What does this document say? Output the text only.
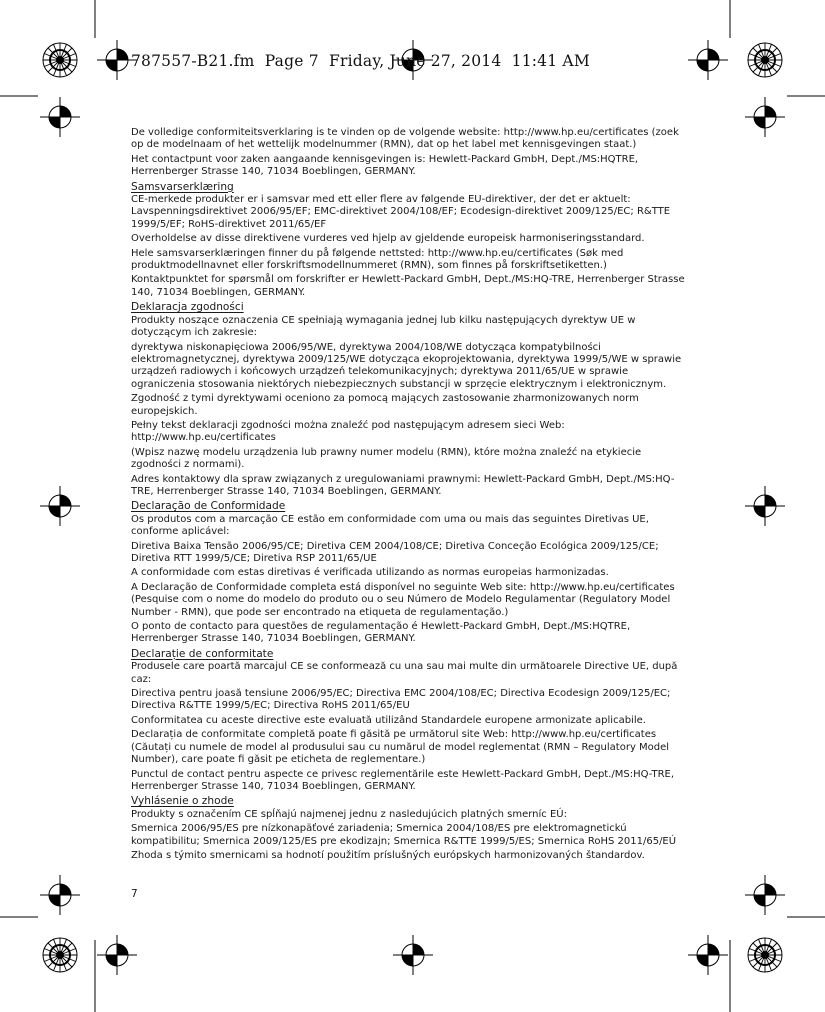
787557-B21.fm  Page 7  Friday, June 27, 2014  11:41 AM

De volledige conformiteitsverklaring is te vinden op de volgende website: http://www.hp.eu/certificates (zoek op de modelnaam of het wettelijk modelnummer (RMN), dat op het label met kennisgevingen staat.)

Het contactpunt voor zaken aangaande kennisgevingen is: Hewlett-Packard GmbH, Dept./MS:HQTRE, Herrenberger Strasse 140, 71034 Boeblingen, GERMANY.

Samsvarserklæring

CE-merkede produkter er i samsvar med ett eller flere av følgende EU-direktiver, der det er aktuelt: Lavspenningsdirektivet 2006/95/EF; EMC-direktivet 2004/108/EF; Ecodesign-direktivet 2009/125/EC; R&TTE 1999/5/EF; RoHS-direktivet 2011/65/EF

Overholdelse av disse direktivene vurderes ved hjelp av gjeldende europeisk harmoniseringsstandard.

Hele samsvarserklæringen finner du på følgende nettsted: http://www.hp.eu/certificates (Søk med produktmodellnavnet eller forskriftsmodellnummeret (RMN), som finnes på forskriftsetiketten.)

Kontaktpunktet for spørsmål om forskrifter er Hewlett-Packard GmbH, Dept./MS:HQ-TRE, Herrenberger Strasse 140, 71034 Boeblingen, GERMANY.

Deklaracja zgodności

Produkty noszące oznaczenia CE spełniają wymagania jednej lub kilku następujących dyrektyw UE w dotyczącym ich zakresie:

dyrektywa niskonapięciowa 2006/95/WE, dyrektywa 2004/108/WE dotycząca kompatybilności elektromagnetycznej, dyrektywa 2009/125/WE dotycząca ekoprojektowania, dyrektywa 1999/5/WE w sprawie urządzeń radiowych i końcowych urządzeń telekomunikacyjnych; dyrektywa 2011/65/UE w sprawie ograniczenia stosowania niektórych niebezpiecznych substancji w sprzęcie elektrycznym i elektronicznym.

Zgodność z tymi dyrektywami oceniono za pomocą mających zastosowanie zharmonizowanych norm europejskich.

Pełny tekst deklaracji zgodności można znaleźć pod następującym adresem sieci Web: http://www.hp.eu/certificates

(Wpisz nazwę modelu urządzenia lub prawny numer modelu (RMN), które można znaleźć na etykiecie zgodności z normami).

Adres kontaktowy dla spraw związanych z uregulowaniami prawnymi: Hewlett-Packard GmbH, Dept./MS:HQ-TRE, Herrenberger Strasse 140, 71034 Boeblingen, GERMANY.

Declaração de Conformidade

Os produtos com a marcação CE estão em conformidade com uma ou mais das seguintes Diretivas UE, conforme aplicável:

Diretiva Baixa Tensão 2006/95/CE; Diretiva CEM 2004/108/CE; Diretiva Conceção Ecológica 2009/125/CE; Diretiva RTT 1999/5/CE; Diretiva RSP 2011/65/UE

A conformidade com estas diretivas é verificada utilizando as normas europeias harmonizadas.

A Declaração de Conformidade completa está disponível no seguinte Web site: http://www.hp.eu/certificates (Pesquise com o nome do modelo do produto ou o seu Número de Modelo Regulamentar (Regulatory Model Number - RMN), que pode ser encontrado na etiqueta de regulamentação.)

O ponto de contacto para questões de regulamentação é Hewlett-Packard GmbH, Dept./MS:HQTRE, Herrenberger Strasse 140, 71034 Boeblingen, GERMANY.

Declarație de conformitate

Produsele care poartă marcajul CE se conformează cu una sau mai multe din următoarele Directive UE, după caz:

Directiva pentru joasă tensiune 2006/95/EC; Directiva EMC 2004/108/EC; Directiva Ecodesign 2009/125/EC; Directiva R&TTE 1999/5/EC; Directiva RoHS 2011/65/EU

Conformitatea cu aceste directive este evaluată utilizând Standardele europene armonizate aplicabile.

Declarația de conformitate completă poate fi găsită pe următorul site Web: http://www.hp.eu/certificates (Căutați cu numele de model al produsului sau cu numărul de model reglementat (RMN – Regulatory Model Number), care poate fi găsit pe eticheta de reglementare.)

Punctul de contact pentru aspecte ce privesc reglementările este Hewlett-Packard GmbH, Dept./MS:HQ-TRE, Herrenberger Strasse 140, 71034 Boeblingen, GERMANY.

Vyhlásenie o zhode

Produkty s označením CE spĺňajú najmenej jednu z nasledujúcich platných smerníc EÚ:

Smernica 2006/95/ES pre nízkonapäťové zariadenia; Smernica 2004/108/ES pre elektromagnetickú kompatibilitu; Smernica 2009/125/ES pre ekodizajn; Smernica R&TTE 1999/5/ES; Smernica RoHS 2011/65/EÚ

Zhoda s týmito smernicami sa hodnotí použitím príslušných európskych harmonizovaných štandardov.

7
